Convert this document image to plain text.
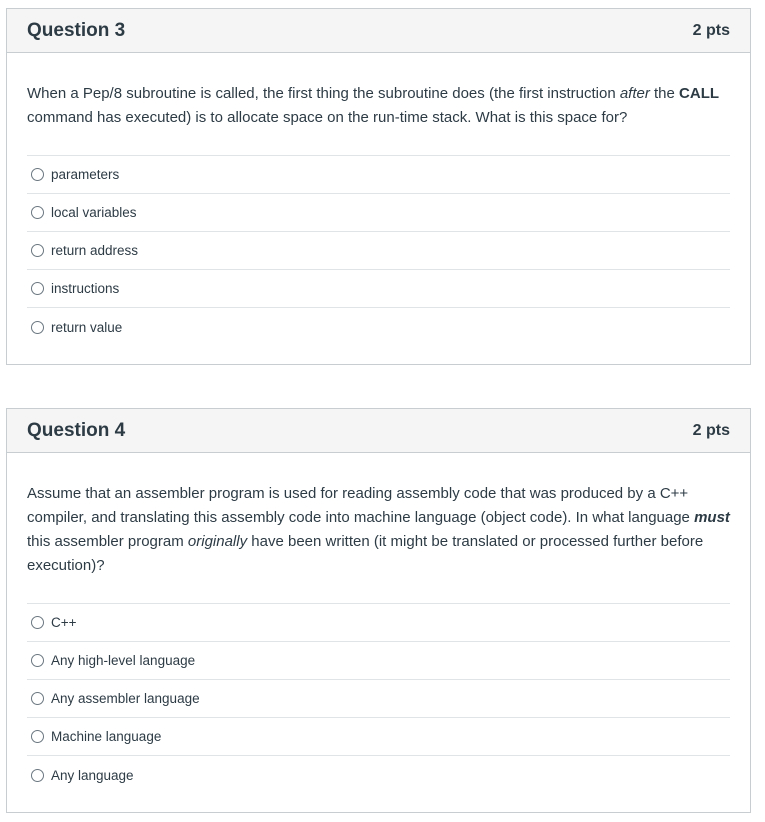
Question 3	2 pts
When a Pep/8 subroutine is called, the first thing the subroutine does (the first instruction after the CALL command has executed) is to allocate space on the run-time stack. What is this space for?
parameters
local variables
return address
instructions
return value
Question 4	2 pts
Assume that an assembler program is used for reading assembly code that was produced by a C++ compiler, and translating this assembly code into machine language (object code). In what language must this assembler program originally have been written (it might be translated or processed further before execution)?
C++
Any high-level language
Any assembler language
Machine language
Any language
